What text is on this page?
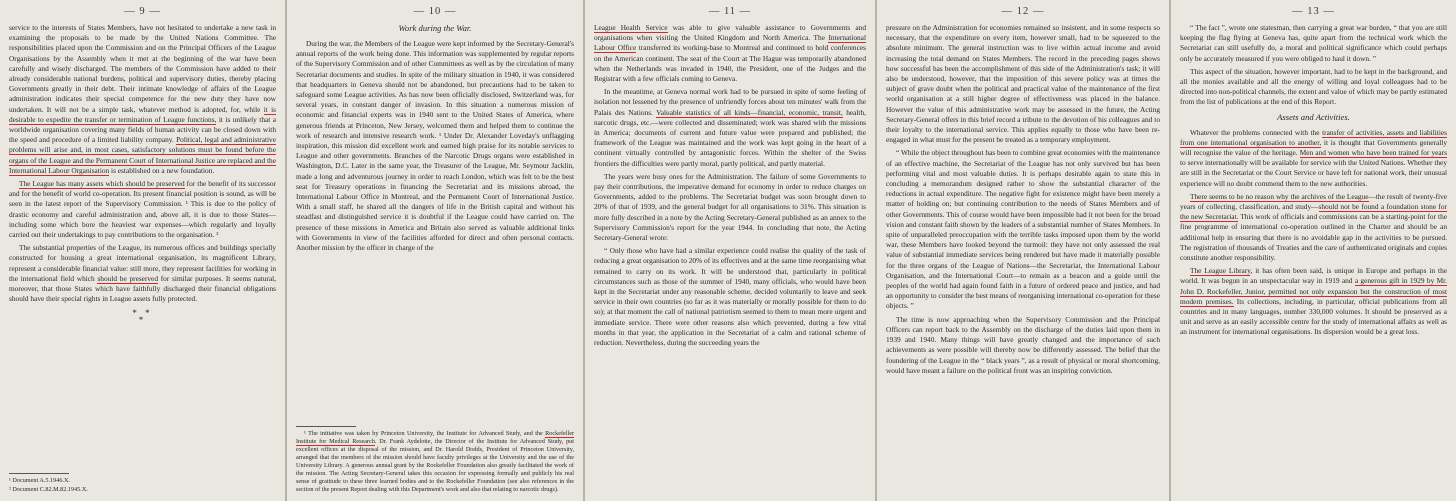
— 9 —

service to the interests of States Members, have not hesitated to undertake a new task in examining the proposals to be made by the United Nations Committee. The responsibilities placed upon the Commission and on the Principal Officers of the League Organisations by the Assembly when it met at the beginning of the war have been carefully and wisely discharged. The members of the Commission have added to their already considerable national burdens, political and supervisory duties, thereby placing Governments greatly in their debt. Their intimate knowledge of affairs of the League administration indicates their special competence for the new duty they have now undertaken. It will not be a simple task, whatever method is adopted, for, while it is desirable to expedite the transfer or termination of League functions, it is unlikely that a worldwide organisation covering many fields of human activity can be closed down with the speed and procedure of a limited liability company. Political, legal and administrative problems will arise and, in most cases, satisfactory solutions must be found before the organs of the League and the Permanent Court of International Justice are replaced and the International Labour Organisation is established on a new foundation.

The League has many assets which should be preserved for the benefit of its successor and for the benefit of world co-operation. Its present financial position is sound, as will be seen in the latest report of the Supervisory Commission. ¹ This is due to the policy of drastic economy and careful administration and, above all, it is due to those States—including some which bore the heaviest war expenses—which regularly and loyally carried out their undertakings to pay contributions to the organisation. ²

The substantial properties of the League, its numerous offices and buildings specially constructed for housing a great international organisation, its magnificent Library, represent a considerable financial value: still more, they represent facilities for working in the international field which should be preserved for similar purposes. It seems natural, moreover, that those States which have faithfully discharged their financial obligations should have their special rights in League assets fully protected.

* *
*

¹ Document A.5.1946.X.

² Document C.82.M.82.1945.X.

— 10 —
Work during the War.

During the war, the Members of the League were kept informed by the Secretary-General's annual reports of the work being done. This information was supplemented by regular reports of the Supervisory Commission and of other Committees as well as by the circulation of many Secretariat documents and studies. In spite of the military situation in 1940, it was considered that headquarters in Geneva should not be abandoned, but precautions had to be taken to safeguard some League activities. As has now been officially disclosed, Switzerland was, for several years, in constant danger of invasion. In this situation a numerous mission of economic and financial experts was in 1940 sent to the United States of America, where generous friends at Princeton, New Jersey, welcomed them and helped them to continue the work of research and intensive research work. ¹ Under Dr. Alexander Loveday's unflagging inspiration, this mission did excellent work and earned high praise for its notable services to League and other governments. Branches of the Narcotic Drugs organs were established in Washington, D.C. Later in the same year, the Treasurer of the League, Mr. Seymour Jacklin, made a long and adventurous journey in order to reach London, which was felt to be the best seat for Treasury operations in financing the Secretariat and its missions abroad, the International Labour Office in Montreal, and the Permanent Court of International Justice. With a small staff, he shared all the dangers of life in the British capital and without his steadfast and distinguished service it is doubtful if the League could have carried on. The presence of these missions in America and Britain also served as valuable additional links with Governments in view of the facilities afforded for direct and often personal contacts. Another mission by the officer in charge of the

¹ The initiative was taken by Princeton University, the Institute for Advanced Study, and the Rockefeller Institute for Medical Research. Dr. Frank Aydelotte, the Director of the Institute for Advanced Study, put excellent offices at the disposal of the mission, and Dr. Harold Dodds, President of Princeton University, arranged that the members of the mission should have faculty privileges at the University and the use of the University Library. A generous annual grant by the Rockefeller Foundation also greatly facilitated the work of the mission. The Acting Secretary-General takes this occasion for expressing formally and publicly his real sense of gratitude to these three learned bodies and to the Rockefeller Foundation (see also references in the section of the present Report dealing with this Department's work and also that relating to narcotic drugs).

— 11 —

League Health Service was able to give valuable assistance to Governments and organisations when visiting the United Kingdom and North America. The International Labour Office transferred its working-base to Montreal and continued to hold conferences on the American continent. The seat of the Court at The Hague was temporarily abandoned when the Netherlands was invaded in 1940, the President, one of the Judges and the Registrar with a few officials coming to Geneva.

In the meantime, at Geneva normal work had to be pursued in spite of some feeling of isolation not lessened by the presence of unfriendly forces about ten minutes' walk from the Palais des Nations. Valuable statistics of all kinds—financial, economic, transit, health, narcotic drugs, etc.—were collected and disseminated; work was shared with the missions in America; documents of current and future value were prepared and published; the framework of the League was maintained and the work was kept going in the heart of a continent virtually controlled by antagonistic forces. Within the shelter of the Swiss frontiers the difficulties were partly moral, partly political, and partly material.

The years were busy ones for the Administration. The failure of some Governments to pay their contributions, the imperative demand for economy in order to reduce charges on Governments, added to the problems. The Secretariat budget was soon brought down to 20% of that of 1939, and the general budget for all organisations to 31%. This situation is more fully described in a note by the Acting Secretary-General published as an annex to the Supervisory Commission's report for the year 1944. In concluding that note, the Acting Secretary-General wrote:

“ Only those who have had a similar experience could realise the quality of the task of reducing a great organisation to 20% of its effectives and at the same time reorganising what remained to carry on its work. It will be understood that, particularly in political circumstances such as those of the summer of 1940, many officials, who would have been kept in the Secretariat under any reasonable scheme, decided voluntarily to leave and seek service in their own countries (so far as it was materially or morally possible for them to do so); at that moment the call of national patriotism seemed to them to mean more urgent and immediate service. There were other reasons also which prevented, during a few vital months in that year, the application in the Secretariat of a calm and rational scheme of reduction. Nevertheless, during the succeeding years the

— 12 —

pressure on the Administration for economies remained so insistent, and in some respects so necessary, that the expenditure on every item, however small, had to be squeezed to the absolute minimum. The general instruction was to live within actual income and avoid increasing the total demand on States Members. The record in the preceding pages shows how successful has been the accomplishment of this side of the Administration's task; it will also be understood, however, that the imposition of this severe policy was at times the subject of grave doubt when the political and practical value of the maintenance of the first world organisation at a still higher degree of effectiveness was placed in the balance. However the value of this administrative work may be assessed in the future, the Acting Secretary-General offers in this brief record a tribute to the devotion of his colleagues and to their loyalty to the international service. This applies equally to those who have been re-engaged in what must for the present be treated as a temporary employment.

“ While the object throughout has been to combine great economies with the maintenance of an effective machine, the Secretariat of the League has not only survived but has been performing vital and most valuable duties. It is perhaps desirable again to state this in concluding a memorandum designed rather to show the substantial character of the reductions in actual expenditure. The negative fight for existence might have been merely a matter of holding on; but continuing contribution to the needs of States Members and of other Governments. This of course would have been impossible had it not been for the broad vision and constant faith shown by the leaders of a substantial number of States Members. In spite of unparalleled preoccupation with the terrible tasks imposed upon them by the world war, these Members have looked beyond the turmoil: they have not only assessed the real value of substantial immediate services being rendered but have made it materially possible for the three organs of the League of Nations—the Secretariat, the International Labour Organisation, and the International Court—to remain as a beacon and a guide until the peoples of the world had again found faith in a future of ordered peace and justice, and had an opportunity to consider the best means of reorganising international co-operation for these objects. ”

The time is now approaching when the Supervisory Commission and the Principal Officers can report back to the Assembly on the discharge of the duties laid upon them in 1939 and 1940. Many things will have greatly changed and the importance of such achievements as were possible will thereby now be differently assessed. The belief that the foundering of the League in the “ black years ”, as a result of physical or moral shortcoming, would have meant a failure on the political front was an inspiring conviction.

— 13 —

“ The fact ”, wrote one statesman, then carrying a great war burden, “ that you are still keeping the flag flying at Geneva has, quite apart from the technical work which the Secretariat can still usefully do, a moral and political significance which could perhaps only be accurately measured if you were obliged to haul it down. ”

This aspect of the situation, however important, had to be kept in the background, and all the monies available and all the energy of willing and loyal colleagues had to be directed into non-political channels, the extent and value of which may be partly estimated from the list of publications at the end of this Report.

Assets and Activities.

Whatever the problems connected with the transfer of activities, assets and liabilities from one international organisation to another, it is thought that Governments generally will recognise the value of the heritage. Men and women who have been trained for years to serve internationally will be available for service with the United Nations. Whether they are still in the Secretariat or the Court Service or have left for national work, their unusual experience will no doubt commend them to the new authorities.

There seems to be no reason why the archives of the League—the result of twenty-five years of collecting, classification, and study—should not be found a foundation stone for the new Secretariat. This work of officials and commissions can be a starting-point for the fine programme of international co-operation outlined in the Charter and should be an additional help in ensuring that there is no avoidable gap in the activities to be pursued. The registration of thousands of Treaties and the care of authenticated originals and copies constitute another responsibility.

The League Library, it has often been said, is unique in Europe and perhaps in the world. It was begun in an unspectacular way in 1919 and a generous gift in 1929 by Mr. John D. Rockefeller, Junior, permitted not only expansion but the construction of most modern premises. Its collections, including, in particular, official publications from all countries and in many languages, number 330,000 volumes. It should be preserved as a unit and serve as an easily accessible centre for the study of international affairs as well as an instrument for international organisations. Its dispersion would be a great loss.
